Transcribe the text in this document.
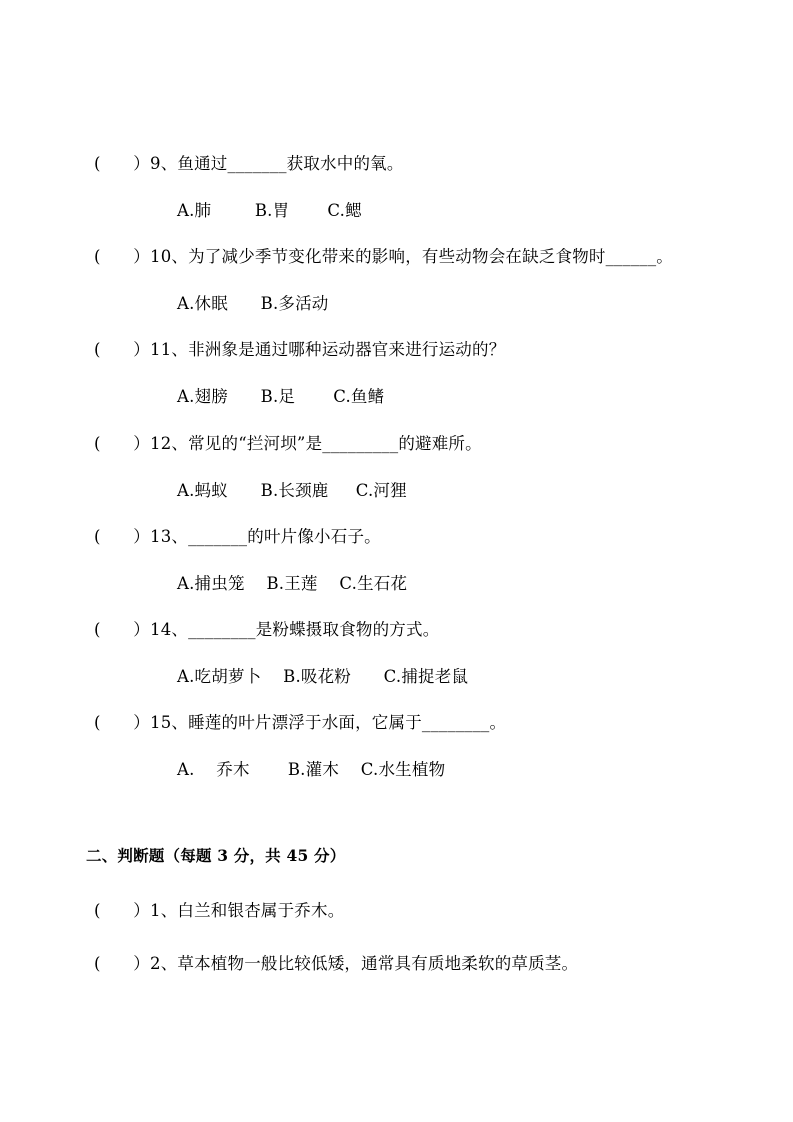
(      ）9、鱼通过_______获取水中的氧。
A.肺        B.胃       C.鳃
(      ）10、为了减少季节变化带来的影响，有些动物会在缺乏食物时______。
A.休眠      B.多活动
(      ）11、非洲象是通过哪种运动器官来进行运动的？
A.翅膀      B.足       C.鱼鳍
(      ）12、常见的“拦河坝”是_________的避难所。
A.蚂蚁      B.长颈鹿     C.河狸
(      ）13、_______的叶片像小石子。
A.捕虫笼    B.王莲    C.生石花
(      ）14、________是粉蝶摄取食物的方式。
A.吃胡萝卜    B.吸花粉      C.捕捉老鼠
(      ）15、睡莲的叶片漂浮于水面，它属于________。
A.    乔木       B.灌木    C.水生植物
二、判断题（每题 3 分，共 45 分）
(      ）1、白兰和银杏属于乔木。
(      ）2、草本植物一般比较低矮，通常具有质地柔软的草质茎。
